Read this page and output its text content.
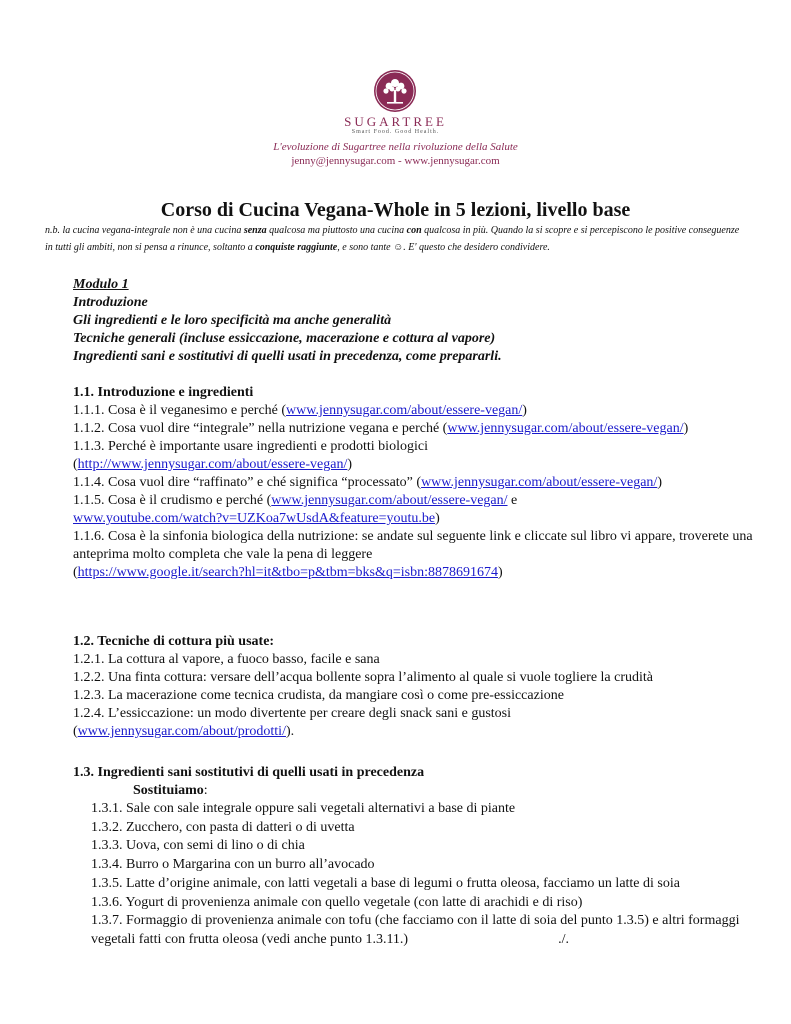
SUGARTREE
Smart Food. Good Health.
L'evoluzione di Sugartree nella rivoluzione della Salute
jenny@jennysugar.com - www.jennysugar.com
Corso di Cucina Vegana-Whole in 5 lezioni, livello base
n.b. la cucina vegana-integrale non è una cucina senza qualcosa ma piuttosto una cucina con qualcosa in più. Quando la si scopre e si percepiscono le positive conseguenze in tutti gli ambiti, non si pensa a rinunce, soltanto a conquiste raggiunte, e sono tante ☺. E' questo che desidero condividere.
Modulo 1
Introduzione
Gli ingredienti e le loro specificità ma anche generalità
Tecniche generali (incluse essiccazione, macerazione e cottura al vapore)
Ingredienti sani e sostitutivi di quelli usati in precedenza, come prepararli.
1.1. Introduzione e ingredienti

1.1.1. Cosa è il veganesimo e perché (www.jennysugar.com/about/essere-vegan/)

1.1.2. Cosa vuol dire “integrale” nella nutrizione vegana e perché (www.jennysugar.com/about/essere-vegan/)

1.1.3. Perché è importante usare ingredienti e prodotti biologici
(http://www.jennysugar.com/about/essere-vegan/)

1.1.4. Cosa vuol dire “raffinato” e ché significa “processato” (www.jennysugar.com/about/essere-vegan/)

1.1.5. Cosa è il crudismo e perché (www.jennysugar.com/about/essere-vegan/ e
www.youtube.com/watch?v=UZKoa7wUsdA&feature=youtu.be)

1.1.6. Cosa è la sinfonia biologica della nutrizione: se andate sul seguente link e cliccate sul libro vi appare, troverete una anteprima molto completa che vale la pena di leggere
(https://www.google.it/search?hl=it&tbo=p&tbm=bks&q=isbn:8878691674)

1.2. Tecniche di cottura più usate:

1.2.1. La cottura al vapore, a fuoco basso, facile e sana

1.2.2. Una finta cottura: versare dell’acqua bollente sopra l’alimento al quale si vuole togliere la crudità

1.2.3. La macerazione come tecnica crudista, da mangiare così o come pre-essiccazione

1.2.4. L’essiccazione: un modo divertente per creare degli snack sani e gustosi

(www.jennysugar.com/about/prodotti/).

1.3. Ingredienti sani sostitutivi di quelli usati in precedenza

Sostituiamo:

1.3.1. Sale con sale integrale oppure sali vegetali alternativi a base di piante

1.3.2. Zucchero, con pasta di datteri o di uvetta

1.3.3. Uova, con semi di lino o di chia

1.3.4. Burro o Margarina con un burro all’avocado

1.3.5. Latte d’origine animale, con latti vegetali a base di legumi o frutta oleosa, facciamo un latte di soia

1.3.6. Yogurt di provenienza animale con quello vegetale (con latte di arachidi e di riso)

1.3.7. Formaggio di provenienza animale con tofu (che facciamo con il latte di soia del punto 1.3.5) e altri formaggi vegetali fatti con frutta oleosa (vedi anche punto 1.3.11.)	./.
